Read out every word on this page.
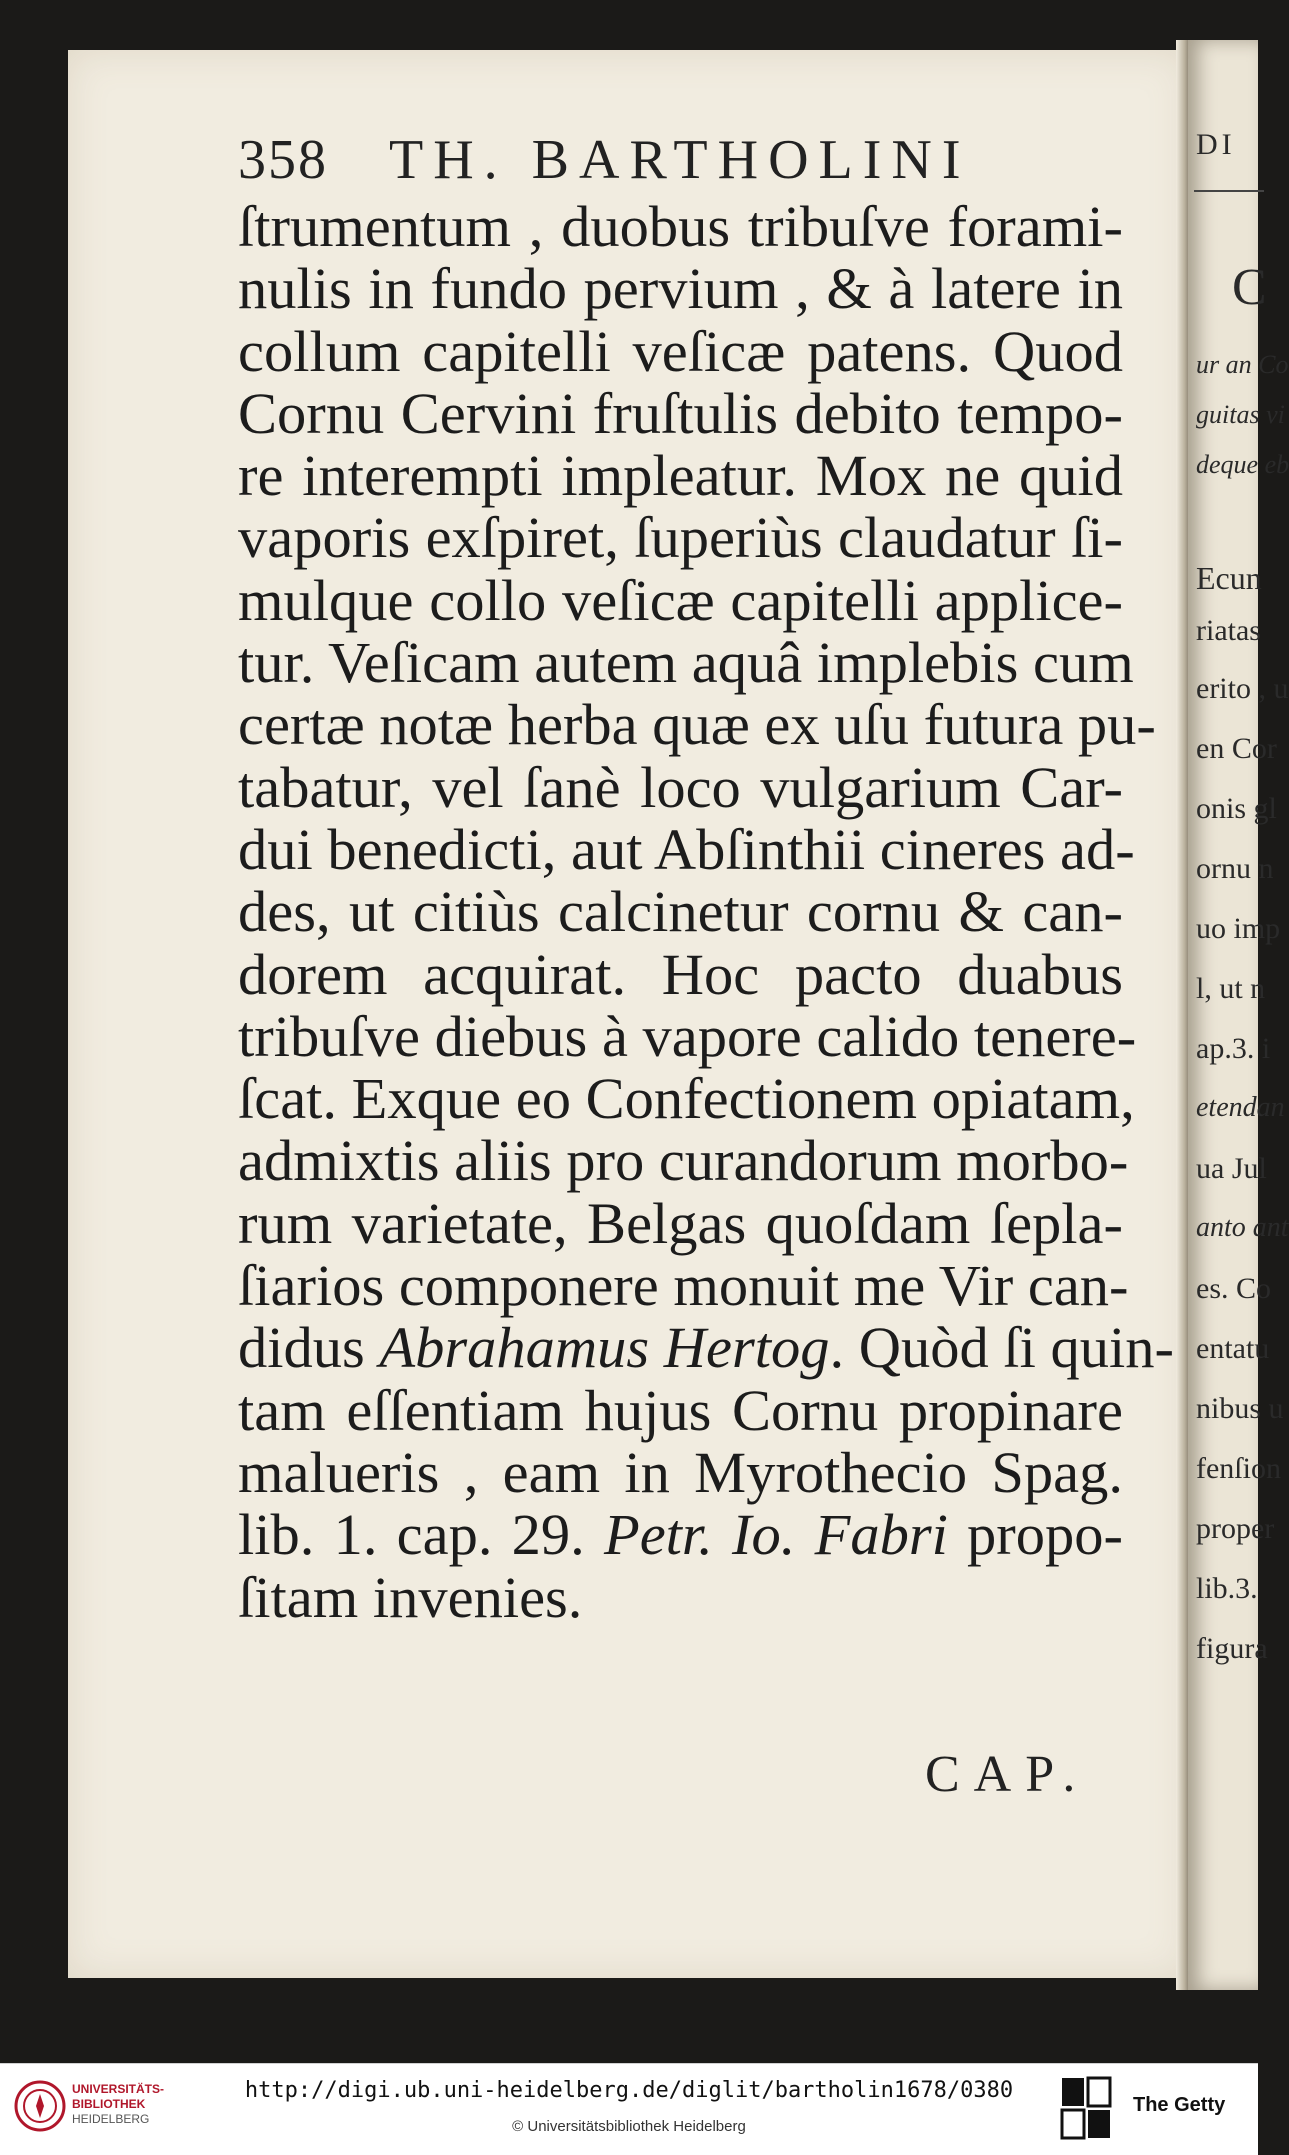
358 TH. BARTHOLINI
ſtrumentum , duobus tribuſve forami-
nulis in fundo pervium , & à latere in
collum capitelli veſicæ patens. Quod
Cornu Cervini fruſtulis debito tempo-
re interempti impleatur. Mox ne quid
vaporis exſpiret, ſuperiùs claudatur ſi-
mulque collo veſicæ capitelli applice-
tur. Veſicam autem aquâ implebis cum
certæ notæ herba quæ ex uſu futura pu-
tabatur, vel ſanè loco vulgarium Car-
dui benedicti, aut Abſinthii cineres ad-
des, ut citiùs calcinetur cornu & can-
dorem acquirat. Hoc pacto duabus
tribuſve diebus à vapore calido tenere-
ſcat. Exque eo Confectionem opiatam,
admixtis aliis pro curandorum morbo-
rum varietate, Belgas quoſdam ſepla-
ſiarios componere monuit me Vir can-
didus Abrahamus Hertog. Quòd ſi quin-
tam eſſentiam hujus Cornu propinare
malueris , eam in Myrothecio Spag.
lib. 1. cap. 29. Petr. Io. Fabri propo-
ſitam invenies.
CAP.
DI
C
ur an Co
guitas vi
deque eb
Ecun
riatas
erito , u
en Cor
onis gl
ornu n
uo imp
l, ut n
ap.3. i
etendan
ua Jul
anto ant
es. Co
entatu
nibus u
fenſion
proper
lib.3.
figura
UNIVERSITÄTS-
BIBLIOTHEK
HEIDELBERG
http://digi.ub.uni-heidelberg.de/diglit/bartholin1678/0380
© Universitätsbibliothek Heidelberg
The Getty
